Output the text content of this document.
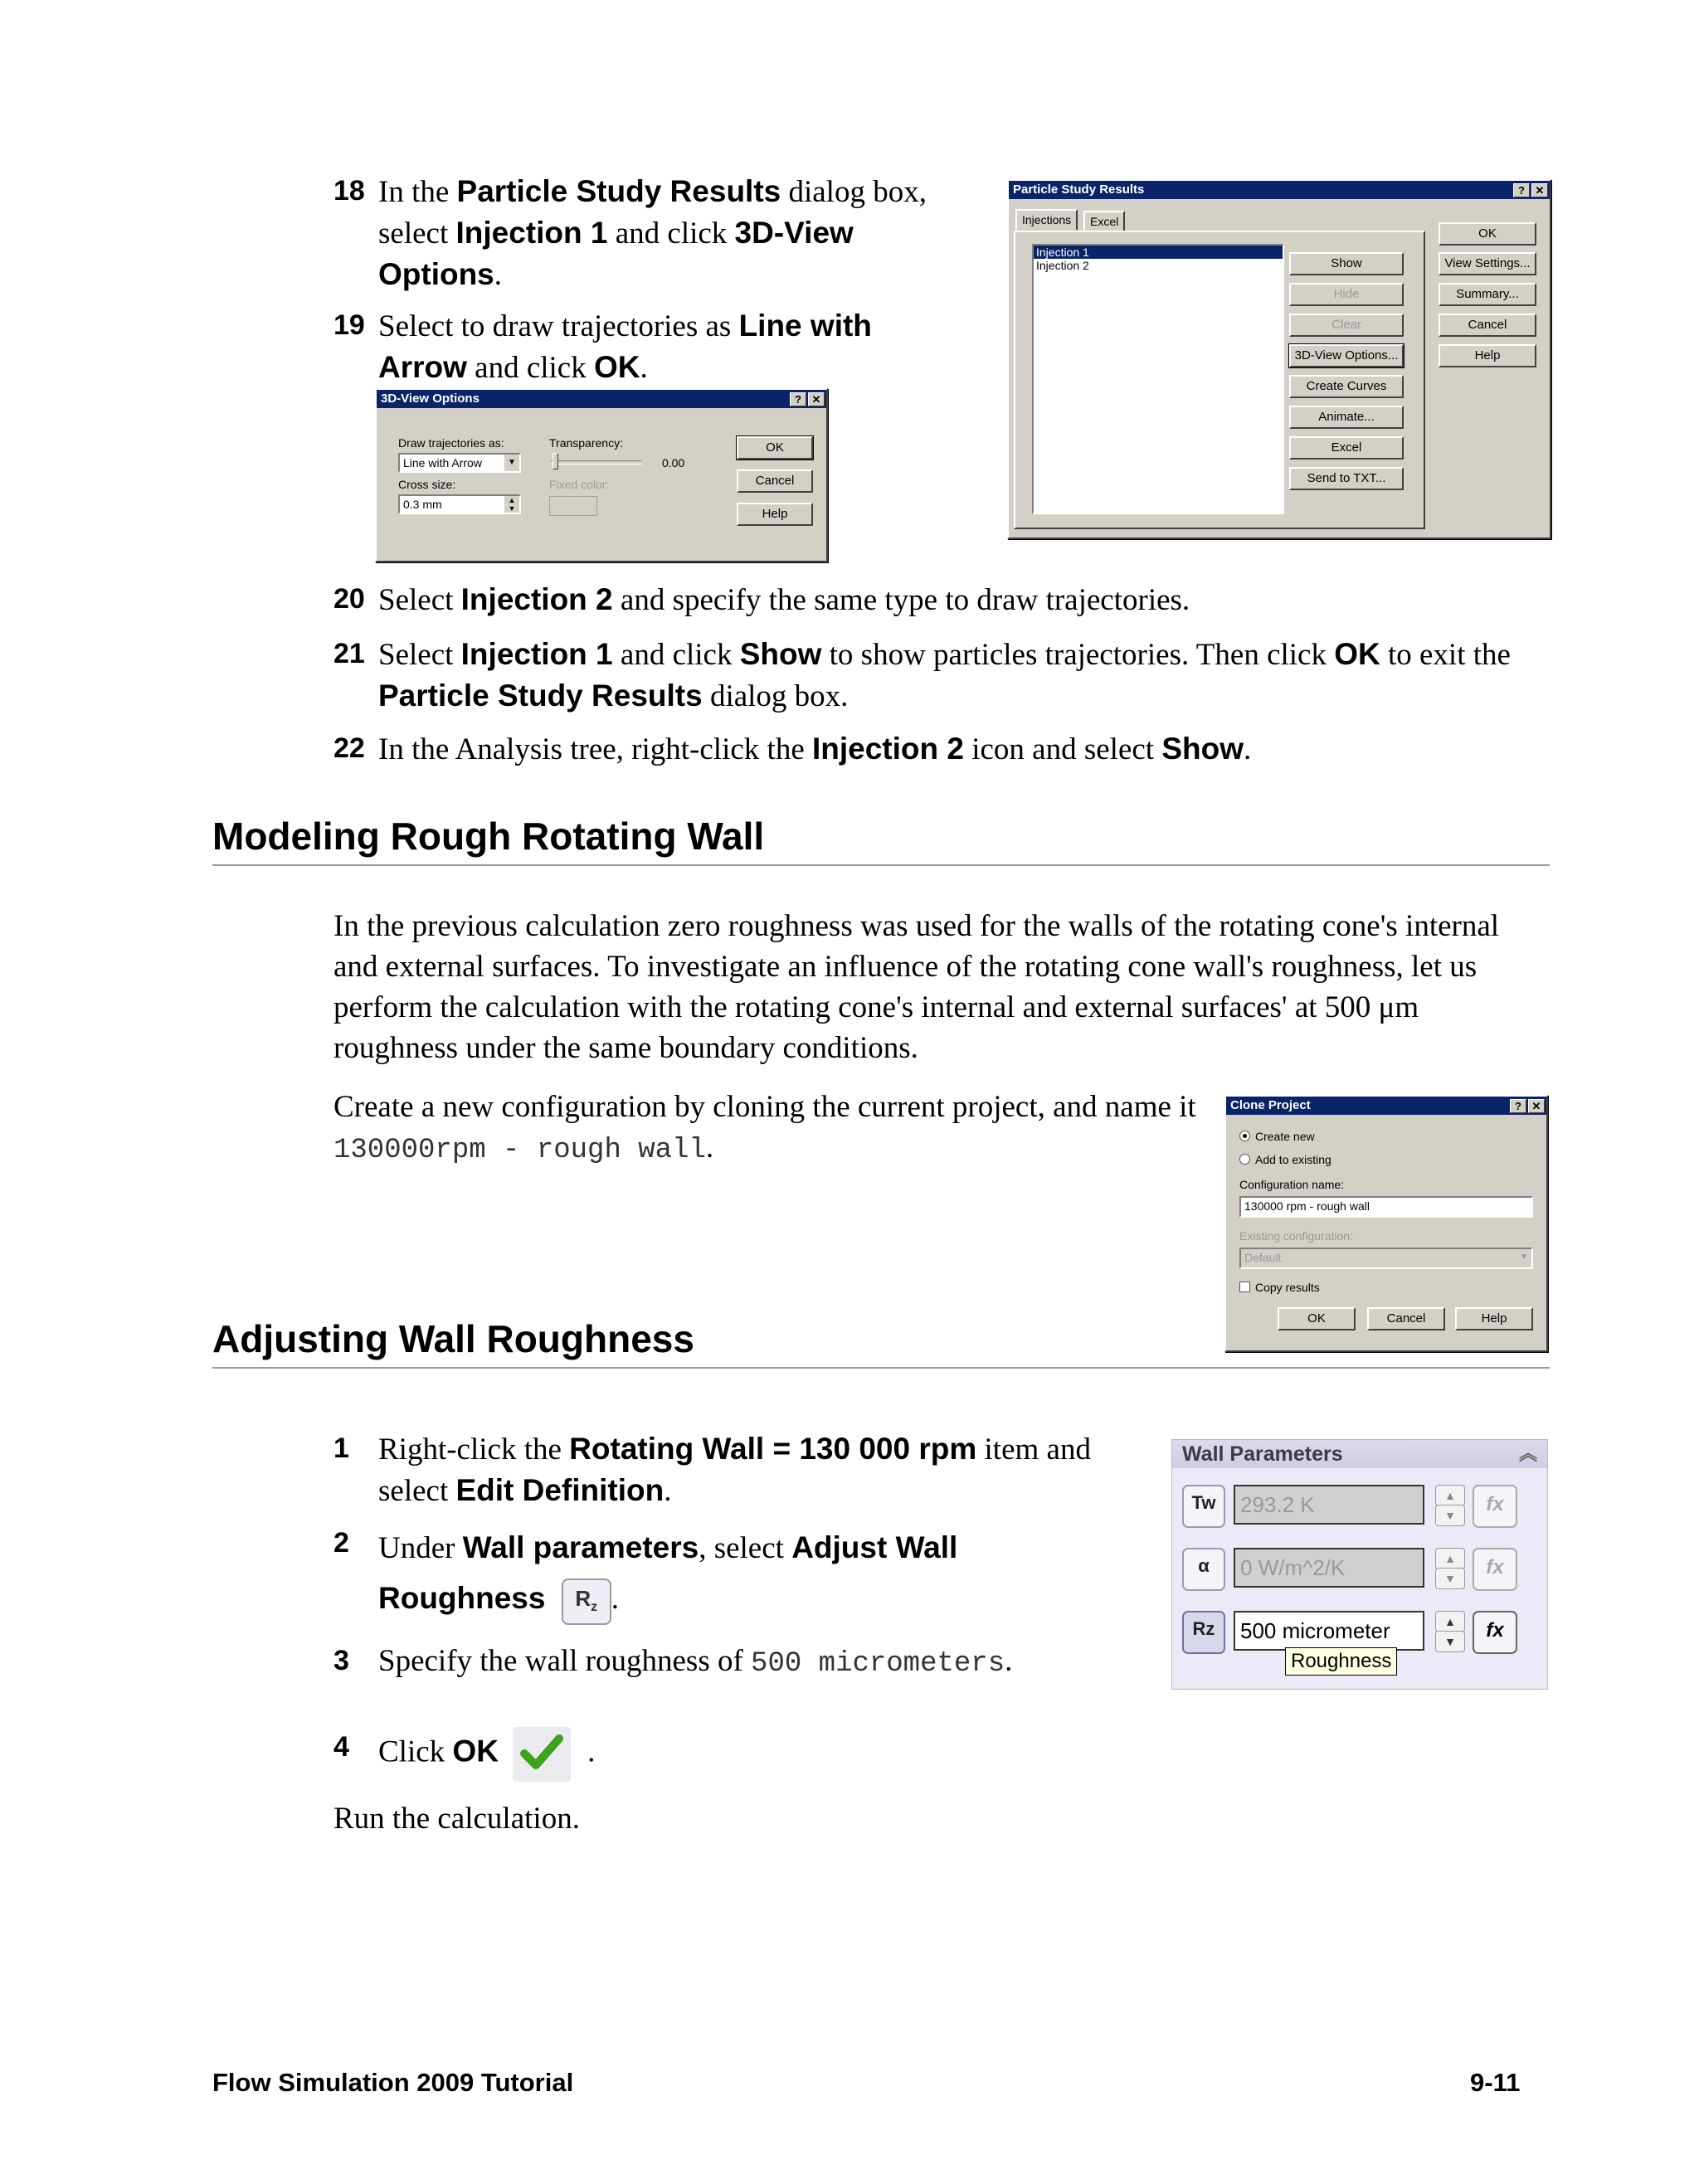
18 In the Particle Study Results dialog box, select Injection 1 and click 3D-View Options.
19 Select to draw trajectories as Line with Arrow and click OK.
3D-View Options	? ✕
Draw trajectories as:
Line with Arrow	▼
Cross size:
0.3 mm	▲
▼
Transparency:
0.00
Fixed color:
OK
Cancel
Help
Particle Study Results	? ✕
Injections	Excel
Injection 1
Injection 2	Show
Hide
Clear
3D-View Options...
Create Curves
Animate...
Excel
Send to TXT...
OK
View Settings...
Summary...
Cancel
Help
20 Select Injection 2 and specify the same type to draw trajectories.
21 Select Injection 1 and click Show to show particles trajectories. Then click OK to exit the Particle Study Results dialog box.
22 In the Analysis tree, right-click the Injection 2 icon and select Show.
Modeling Rough Rotating Wall
In the previous calculation zero roughness was used for the walls of the rotating cone's internal and external surfaces. To investigate an influence of the rotating cone wall's roughness, let us perform the calculation with the rotating cone's internal and external surfaces' at 500 μm roughness under the same boundary conditions.
Create a new configuration by cloning the current project, and name it 130000rpm - rough wall.
Clone Project	? ✕
Create new
Add to existing
Configuration name:
130000 rpm - rough wall
Existing configuration:
Default	▼
Copy results
OK	Cancel	Help
Adjusting Wall Roughness
1 Right-click the Rotating Wall = 130 000 rpm item and select Edit Definition.
2 Under Wall parameters, select Adjust Wall Roughness $R_z$ .
3 Specify the wall roughness of 500 micrometers.
4 Click OK	.
Run the calculation.
Wall Parameters	︽
Tw	293.2 K	▲
▼	fx
α	0 W/m^2/K	▲
▼	fx
Rz	500 micrometer	▲
▼	fx
Roughness
Flow Simulation 2009 Tutorial	9-11
